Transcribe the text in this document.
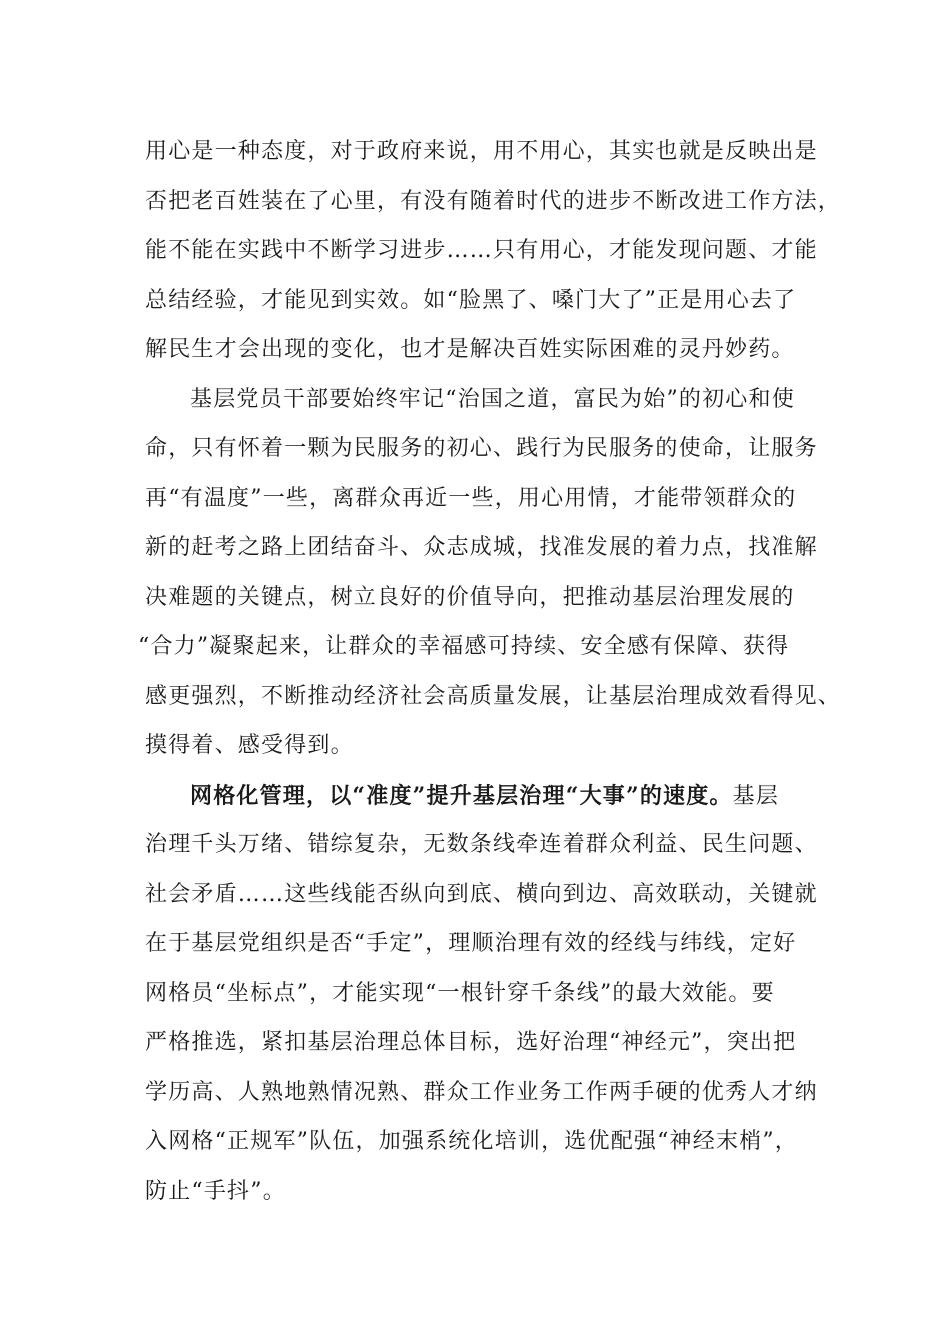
用心是一种态度，对于政府来说，用不用心，其实也就是反映出是
否把老百姓装在了心里，有没有随着时代的进步不断改进工作方法，
能不能在实践中不断学习进步……只有用心，才能发现问题、才能
总结经验，才能见到实效。如“脸黑了、嗓门大了”正是用心去了
解民生才会出现的变化，也才是解决百姓实际困难的灵丹妙药。
基层党员干部要始终牢记“治国之道，富民为始”的初心和使
命，只有怀着一颗为民服务的初心、践行为民服务的使命，让服务
再“有温度”一些，离群众再近一些，用心用情，才能带领群众的
新的赶考之路上团结奋斗、众志成城，找准发展的着力点，找准解
决难题的关键点，树立良好的价值导向，把推动基层治理发展的
“合力”凝聚起来，让群众的幸福感可持续、安全感有保障、获得
感更强烈，不断推动经济社会高质量发展，让基层治理成效看得见、
摸得着、感受得到。
网格化管理，以“准度”提升基层治理“大事”的速度。基层
治理千头万绪、错综复杂，无数条线牵连着群众利益、民生问题、
社会矛盾……这些线能否纵向到底、横向到边、高效联动，关键就
在于基层党组织是否“手定”，理顺治理有效的经线与纬线，定好
网格员“坐标点”，才能实现“一根针穿千条线”的最大效能。要
严格推选，紧扣基层治理总体目标，选好治理“神经元”，突出把
学历高、人熟地熟情况熟、群众工作业务工作两手硬的优秀人才纳
入网格“正规军”队伍，加强系统化培训，选优配强“神经末梢”，
防止“手抖”。
